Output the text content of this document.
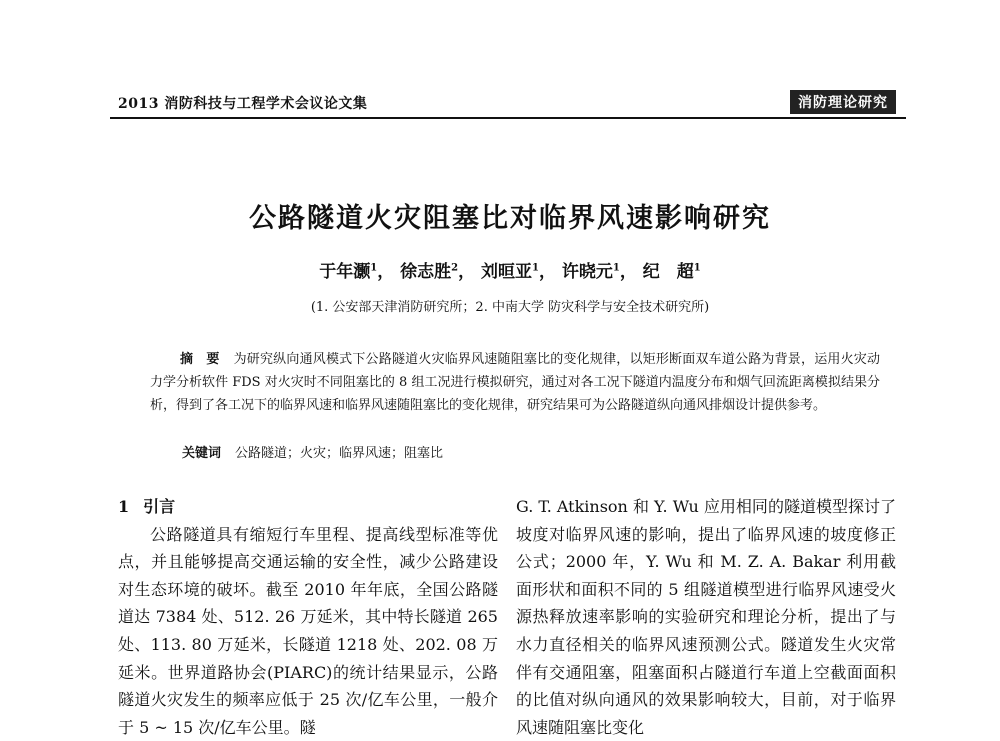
2013 消防科技与工程学术会议论文集	消防理论研究
公路隧道火灾阻塞比对临界风速影响研究
于年灏$^1$， 徐志胜$^2$， 刘晅亚$^1$， 许晓元$^1$， 纪　超$^1$
(1. 公安部天津消防研究所；2. 中南大学 防灾科学与安全技术研究所)
摘　要 为研究纵向通风模式下公路隧道火灾临界风速随阻塞比的变化规律，以矩形断面双车道公路为背景，运用火灾动力学分析软件 FDS 对火灾时不同阻塞比的 8 组工况进行模拟研究，通过对各工况下隧道内温度分布和烟气回流距离模拟结果分析，得到了各工况下的临界风速和临界风速随阻塞比的变化规律，研究结果可为公路隧道纵向通风排烟设计提供参考。
关键词 公路隧道；火灾；临界风速；阻塞比
1 引言

公路隧道具有缩短行车里程、提高线型标准等优点，并且能够提高交通运输的安全性，减少公路建设对生态环境的破坏。截至 2010 年年底，全国公路隧道达 7384 处、512. 26 万延米，其中特长隧道 265 处、113. 80 万延米，长隧道 1218 处、202. 08 万延米。世界道路协会(PIARC)的统计结果显示，公路隧道火灾发生的频率应低于 25 次/亿车公里，一般介于 5 ~ 15 次/亿车公里。隧

G. T. Atkinson 和 Y. Wu 应用相同的隧道模型探讨了坡度对临界风速的影响，提出了临界风速的坡度修正公式；2000 年，Y. Wu 和 M. Z. A. Bakar 利用截面形状和面积不同的 5 组隧道模型进行临界风速受火源热释放速率影响的实验研究和理论分析，提出了与水力直径相关的临界风速预测公式。隧道发生火灾常伴有交通阻塞，阻塞面积占隧道行车道上空截面面积的比值对纵向通风的效果影响较大，目前，对于临界风速随阻塞比变化
